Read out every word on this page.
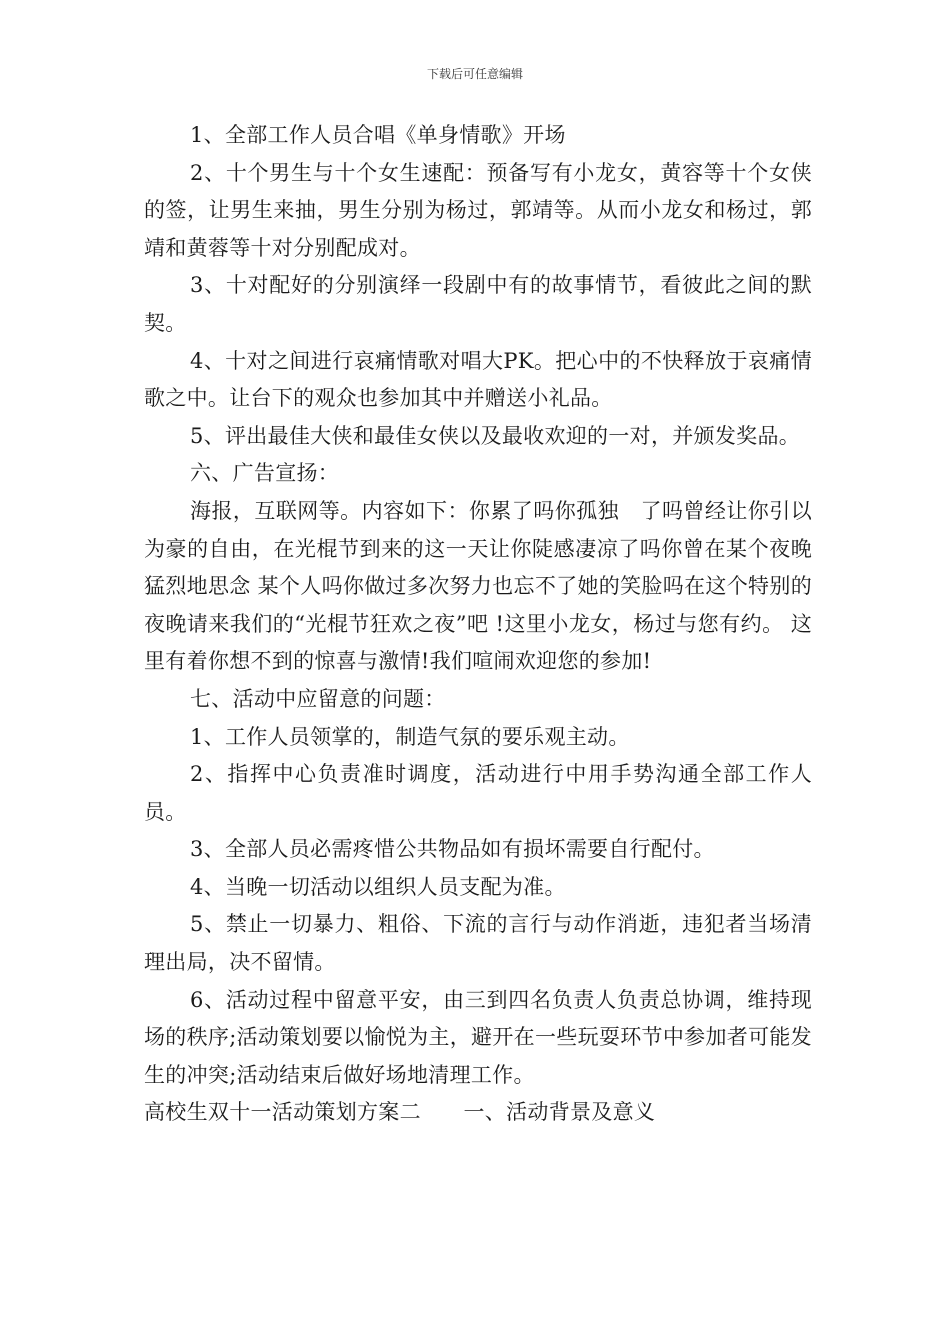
下载后可任意编辑

1、全部工作人员合唱《单身情歌》开场

2、十个男生与十个女生速配：预备写有小龙女，黄容等十个女侠的签，让男生来抽，男生分别为杨过，郭靖等。从而小龙女和杨过，郭靖和黄蓉等十对分别配成对。

3、十对配好的分别演绎一段剧中有的故事情节，看彼此之间的默契。

4、十对之间进行哀痛情歌对唱大PK。把心中的不快释放于哀痛情歌之中。让台下的观众也参加其中并赠送小礼品。

5、评出最佳大侠和最佳女侠以及最收欢迎的一对，并颁发奖品。

六、广告宣扬：

海报，互联网等。内容如下：你累了吗你孤独　了吗曾经让你引以为豪的自由，在光棍节到来的这一天让你陡感凄凉了吗你曾在某个夜晚猛烈地思念 某个人吗你做过多次努力也忘不了她的笑脸吗在这个特别的夜晚请来我们的“光棍节狂欢之夜”吧 !这里小龙女，杨过与您有约。 这里有着你想不到的惊喜与激情!我们喧闹欢迎您的参加!

七、活动中应留意的问题：

1、工作人员领掌的，制造气氛的要乐观主动。

2、指挥中心负责准时调度，活动进行中用手势沟通全部工作人员。

3、全部人员必需疼惜公共物品如有损坏需要自行配付。

4、当晚一切活动以组织人员支配为准。

5、禁止一切暴力、粗俗、下流的言行与动作消逝，违犯者当场清理出局，决不留情。

6、活动过程中留意平安，由三到四名负责人负责总协调，维持现场的秩序;活动策划要以愉悦为主，避开在一些玩耍环节中参加者可能发生的冲突;活动结束后做好场地清理工作。

高校生双十一活动策划方案二　　一、活动背景及意义
